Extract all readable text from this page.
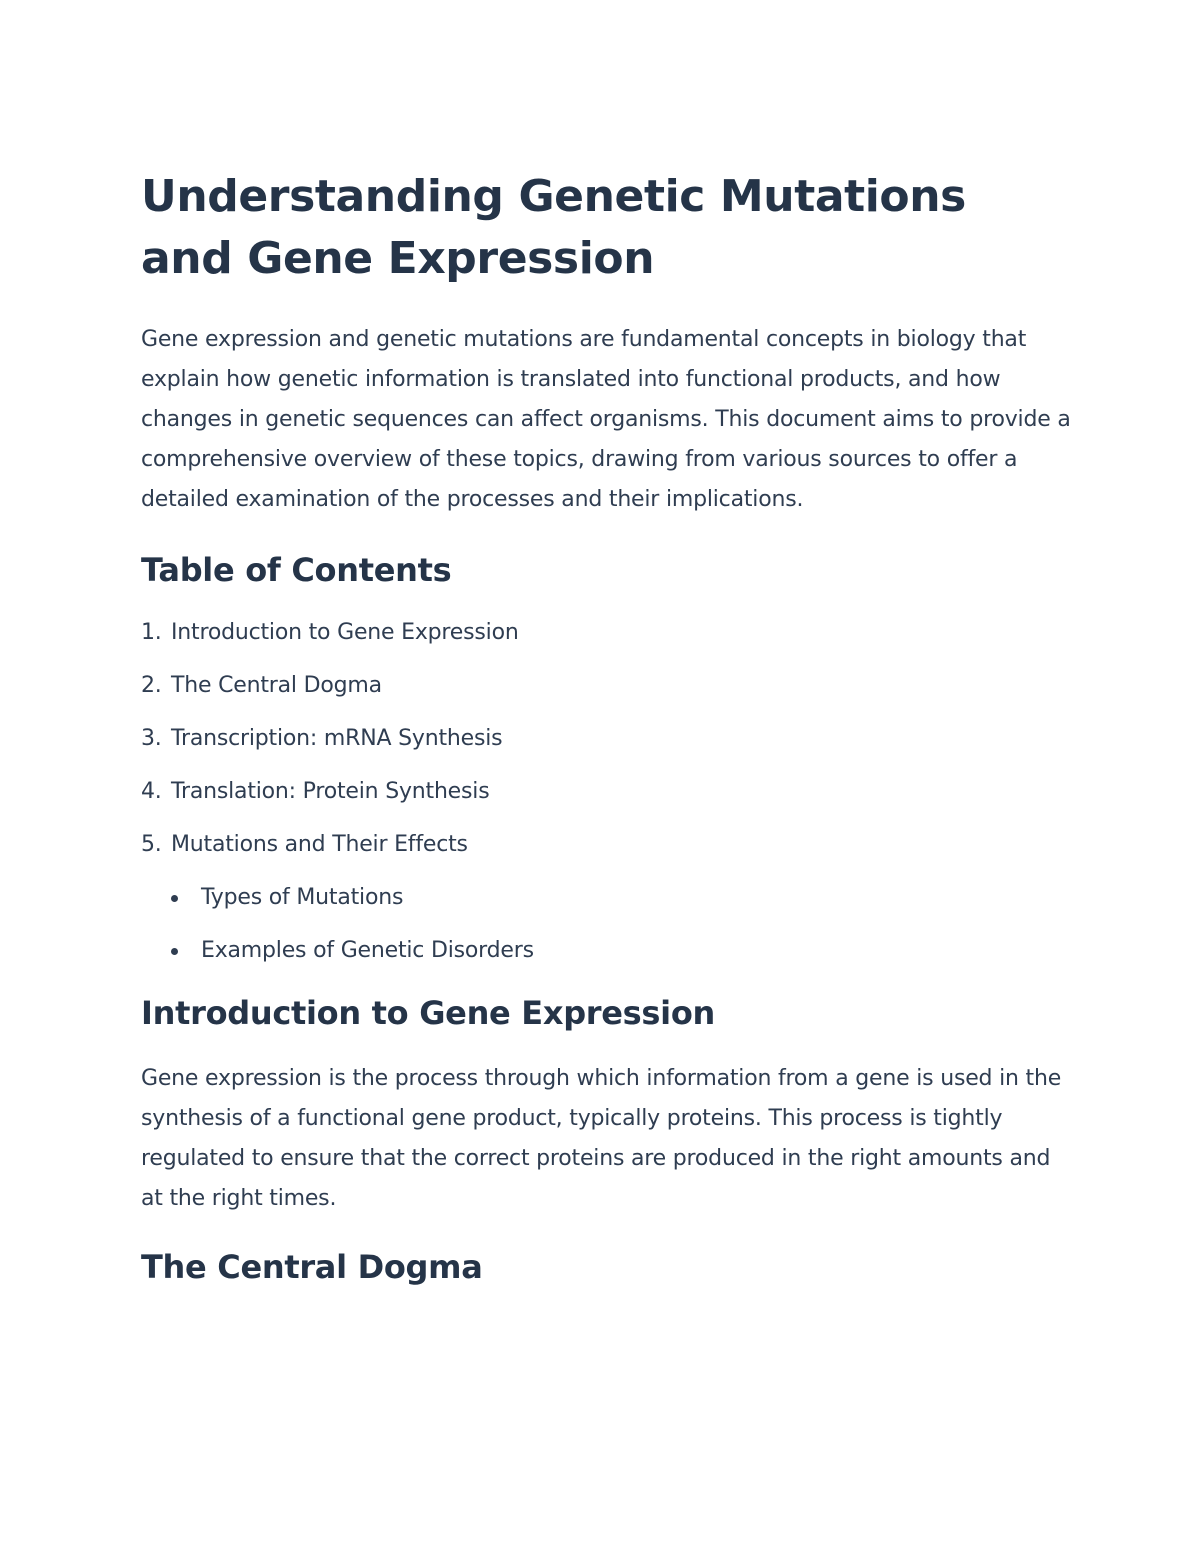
Understanding Genetic Mutations and Gene Expression

Gene expression and genetic mutations are fundamental concepts in biology that explain how genetic information is translated into functional products, and how changes in genetic sequences can affect organisms. This document aims to provide a comprehensive overview of these topics, drawing from various sources to offer a detailed examination of the processes and their implications.

Table of Contents
1. Introduction to Gene Expression
2. The Central Dogma
3. Transcription: mRNA Synthesis
4. Translation: Protein Synthesis
5. Mutations and Their Effects
Types of Mutations
Examples of Genetic Disorders
Introduction to Gene Expression

Gene expression is the process through which information from a gene is used in the synthesis of a functional gene product, typically proteins. This process is tightly regulated to ensure that the correct proteins are produced in the right amounts and at the right times.

The Central Dogma
